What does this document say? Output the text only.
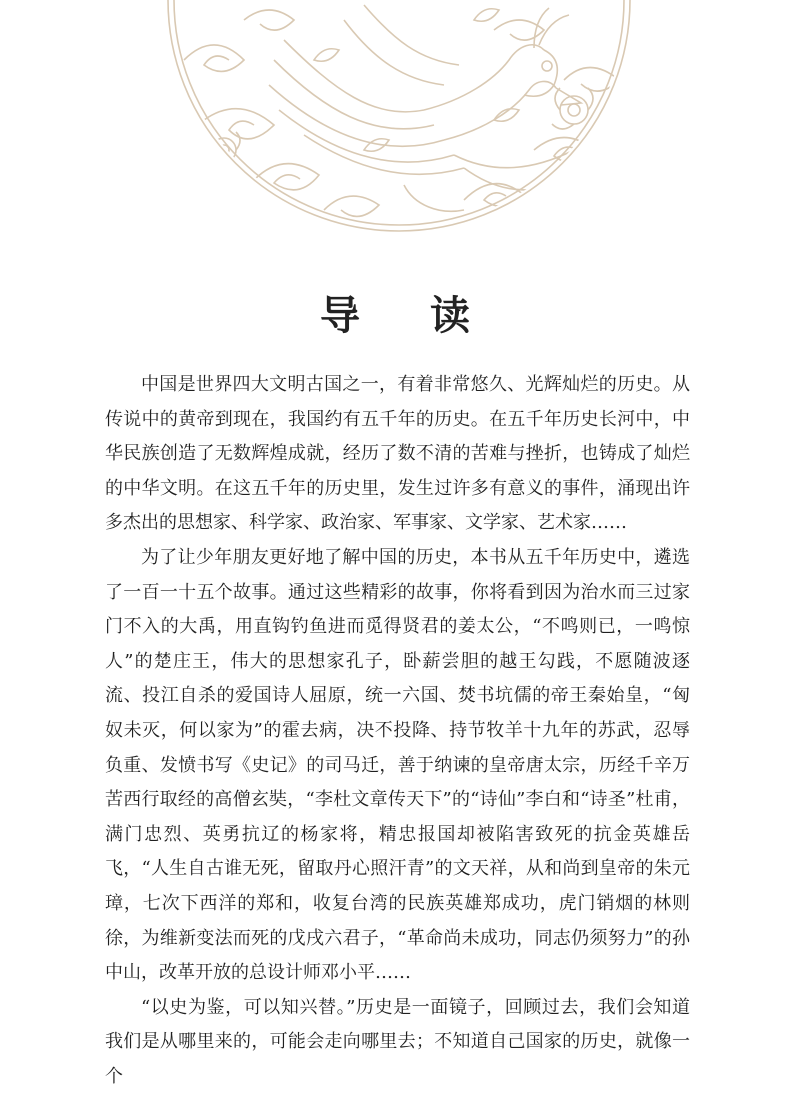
导 读

中国是世界四大文明古国之一，有着非常悠久、光辉灿烂的历史。从传说中的黄帝到现在，我国约有五千年的历史。在五千年历史长河中，中华民族创造了无数辉煌成就，经历了数不清的苦难与挫折，也铸成了灿烂的中华文明。在这五千年的历史里，发生过许多有意义的事件，涌现出许多杰出的思想家、科学家、政治家、军事家、文学家、艺术家……

为了让少年朋友更好地了解中国的历史，本书从五千年历史中，遴选了一百一十五个故事。通过这些精彩的故事，你将看到因为治水而三过家门不入的大禹，用直钩钓鱼进而觅得贤君的姜太公，“不鸣则已，一鸣惊人”的楚庄王，伟大的思想家孔子，卧薪尝胆的越王勾践，不愿随波逐流、投江自杀的爱国诗人屈原，统一六国、焚书坑儒的帝王秦始皇，“匈奴未灭，何以家为”的霍去病，决不投降、持节牧羊十九年的苏武，忍辱负重、发愤书写《史记》的司马迁，善于纳谏的皇帝唐太宗，历经千辛万苦西行取经的高僧玄奘，“李杜文章传天下”的“诗仙”李白和“诗圣”杜甫，满门忠烈、英勇抗辽的杨家将，精忠报国却被陷害致死的抗金英雄岳飞，“人生自古谁无死，留取丹心照汗青”的文天祥，从和尚到皇帝的朱元璋，七次下西洋的郑和，收复台湾的民族英雄郑成功，虎门销烟的林则徐，为维新变法而死的戊戌六君子，“革命尚未成功，同志仍须努力”的孙中山，改革开放的总设计师邓小平……

“以史为鉴，可以知兴替。”历史是一面镜子，回顾过去，我们会知道我们是从哪里来的，可能会走向哪里去；不知道自己国家的历史，就像一个
